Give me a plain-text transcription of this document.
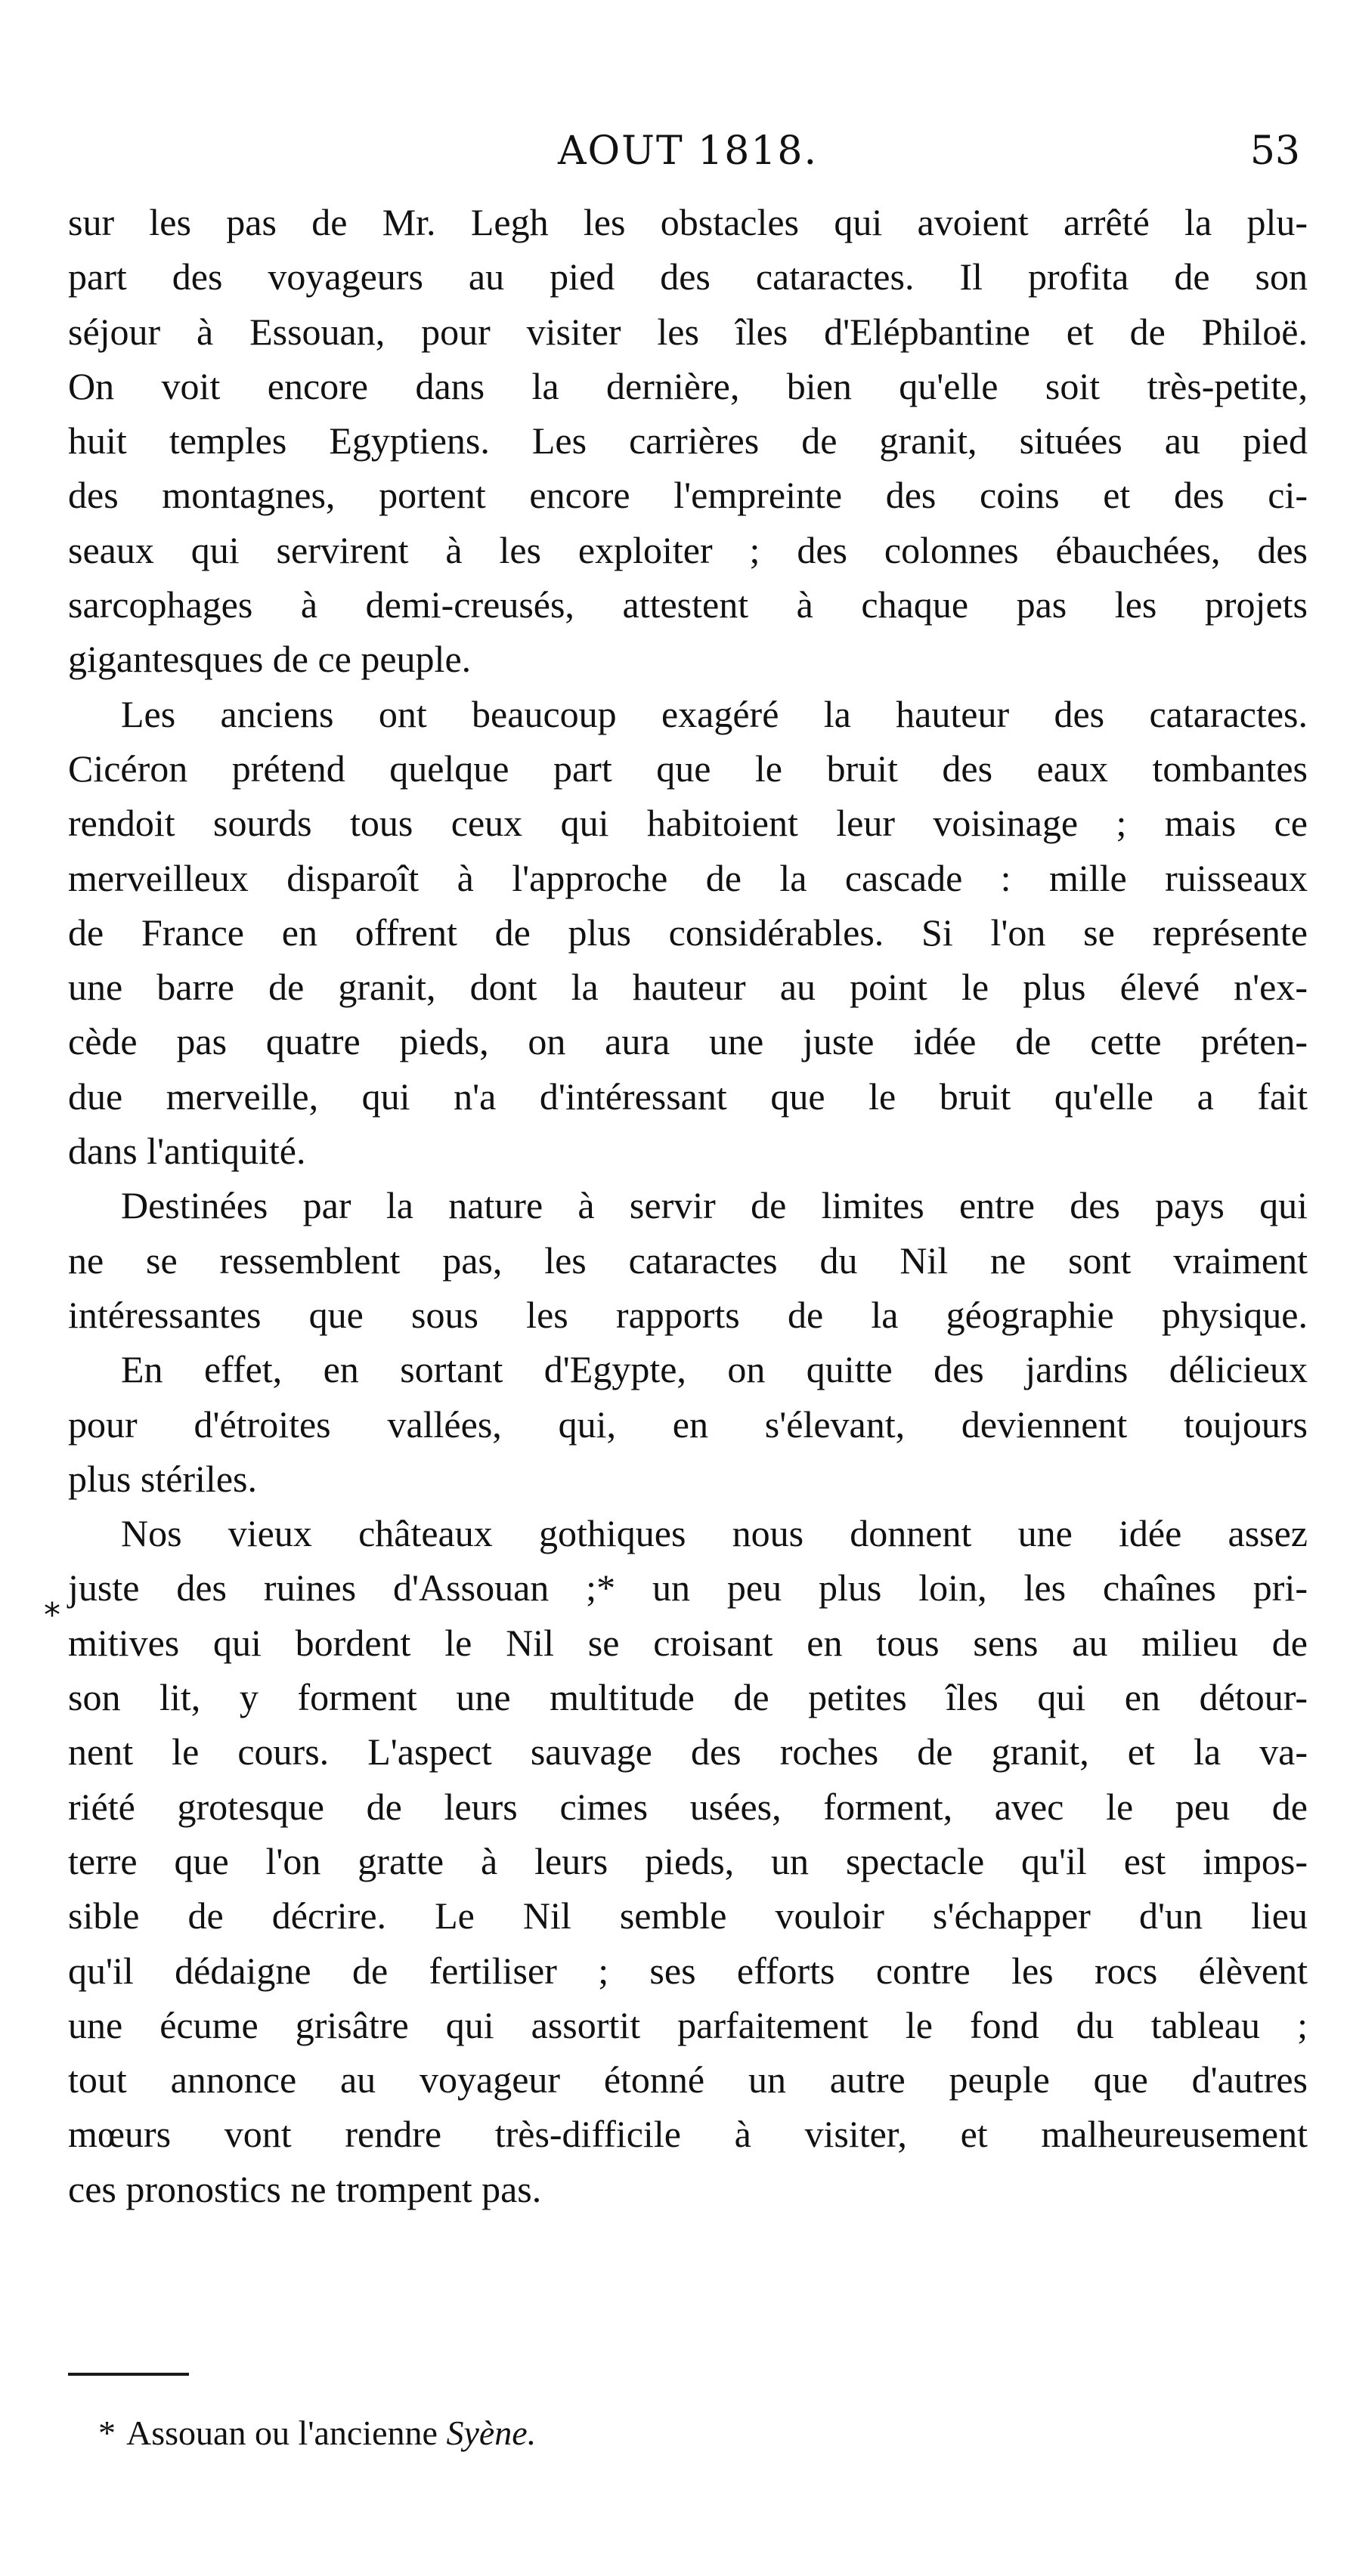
AOUT 1818.	53

sur les pas de Mr. Legh les obstacles qui avoient arrêté la plu-
part des voyageurs au pied des cataractes. Il profita de son
séjour à Essouan, pour visiter les îles d'Elépbantine et de Philoë.
On voit encore dans la dernière, bien qu'elle soit très-petite,
huit temples Egyptiens. Les carrières de granit, situées au pied
des montagnes, portent encore l'empreinte des coins et des ci-
seaux qui servirent à les exploiter ; des colonnes ébauchées, des
sarcophages à demi-creusés, attestent à chaque pas les projets
gigantesques de ce peuple.

Les anciens ont beaucoup exagéré la hauteur des cataractes.
Cicéron prétend quelque part que le bruit des eaux tombantes
rendoit sourds tous ceux qui habitoient leur voisinage ; mais ce
merveilleux disparoît à l'approche de la cascade : mille ruisseaux
de France en offrent de plus considérables. Si l'on se représente
une barre de granit, dont la hauteur au point le plus élevé n'ex-
cède pas quatre pieds, on aura une juste idée de cette préten-
due merveille, qui n'a d'intéressant que le bruit qu'elle a fait
dans l'antiquité.

Destinées par la nature à servir de limites entre des pays qui
ne se ressemblent pas, les cataractes du Nil ne sont vraiment
intéressantes que sous les rapports de la géographie physique.
En effet, en sortant d'Egypte, on quitte des jardins délicieux
pour d'étroites vallées, qui, en s'élevant, deviennent toujours
plus stériles.

Nos vieux châteaux gothiques nous donnent une idée assez
juste des ruines d'Assouan ;* un peu plus loin, les chaînes pri-
mitives qui bordent le Nil se croisant en tous sens au milieu de
son lit, y forment une multitude de petites îles qui en détour-
nent le cours. L'aspect sauvage des roches de granit, et la va-
riété grotesque de leurs cimes usées, forment, avec le peu de
terre que l'on gratte à leurs pieds, un spectacle qu'il est impos-
sible de décrire. Le Nil semble vouloir s'échapper d'un lieu
qu'il dédaigne de fertiliser ; ses efforts contre les rocs élèvent
une écume grisâtre qui assortit parfaitement le fond du tableau ;
tout annonce au voyageur étonné un autre peuple que d'autres
mœurs vont rendre très-difficile à visiter, et malheureusement
ces pronostics ne trompent pas.

*
* Assouan ou l'ancienne Syène.
